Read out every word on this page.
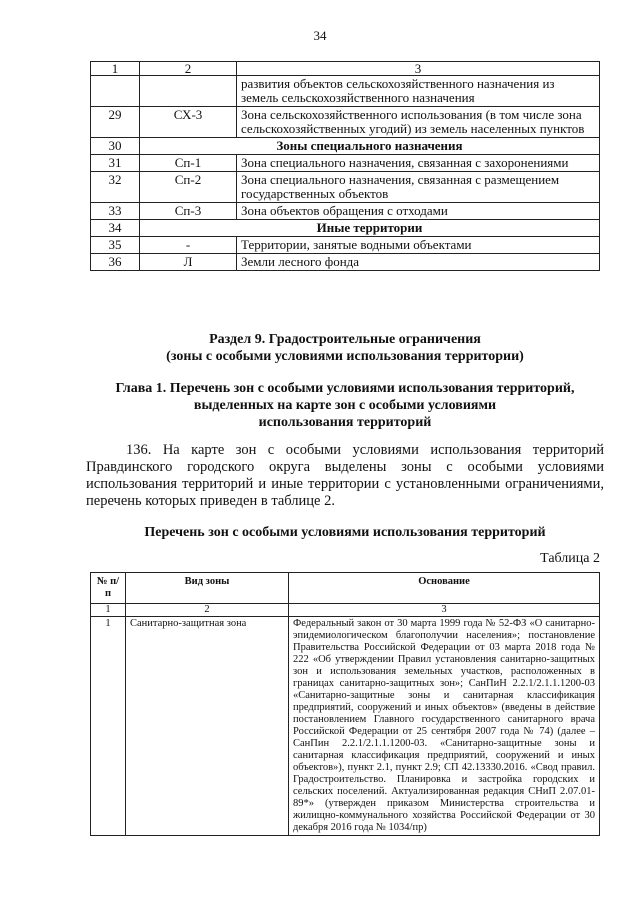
34
1	2	3
		развития объектов сельскохозяйственного назначения из земель сельскохозяйственного назначения
29	СХ-3	Зона сельскохозяйственного использования (в том числе зона сельскохозяйственных угодий) из земель населенных пунктов
30	Зоны специального назначения	
31	Сп-1	Зона специального назначения, связанная с захоронениями
32	Сп-2	Зона специального назначения, связанная с размещением государственных объектов
33	Сп-3	Зона объектов обращения с отходами
34	Иные территории	
35	-	Территории, занятые водными объектами
36	Л	Земли лесного фонда
Раздел 9. Градостроительные ограничения
(зоны с особыми условиями использования территории)
Глава 1. Перечень зон с особыми условиями использования территорий,
выделенных на карте зон с особыми условиями
использования территорий
136. На карте зон с особыми условиями использования территорий Правдинского городского округа выделены зоны с особыми условиями использования территорий и иные территории с установленными ограничениями, перечень которых приведен в таблице 2.
Перечень зон с особыми условиями использования территорий
Таблица 2
№ п/п	Вид зоны	Основание
1	2	3
1	Санитарно-защитная зона	Федеральный закон от 30 марта 1999 года № 52-ФЗ «О санитарно-эпидемиологическом благополучии населения»; постановление Правительства Российской Федерации от 03 марта 2018 года № 222 «Об утверждении Правил установления санитарно-защитных зон и использования земельных участков, расположенных в границах санитарно-защитных зон»; СанПиН 2.2.1/2.1.1.1200-03 «Санитарно-защитные зоны и санитарная классификация предприятий, сооружений и иных объектов» (введены в действие постановлением Главного государственного санитарного врача Российской Федерации от 25 сентября 2007 года № 74) (далее – СанПин 2.2.1/2.1.1.1200-03. «Санитарно-защитные зоны и санитарная классификация предприятий, сооружений и иных объектов»), пункт 2.1, пункт 2.9; СП 42.13330.2016. «Свод правил. Градостроительство. Планировка и застройка городских и сельских поселений. Актуализированная редакция СНиП 2.07.01-89*» (утвержден приказом Министерства строительства и жилищно-коммунального хозяйства Российской Федерации от 30 декабря 2016 года № 1034/пр)
